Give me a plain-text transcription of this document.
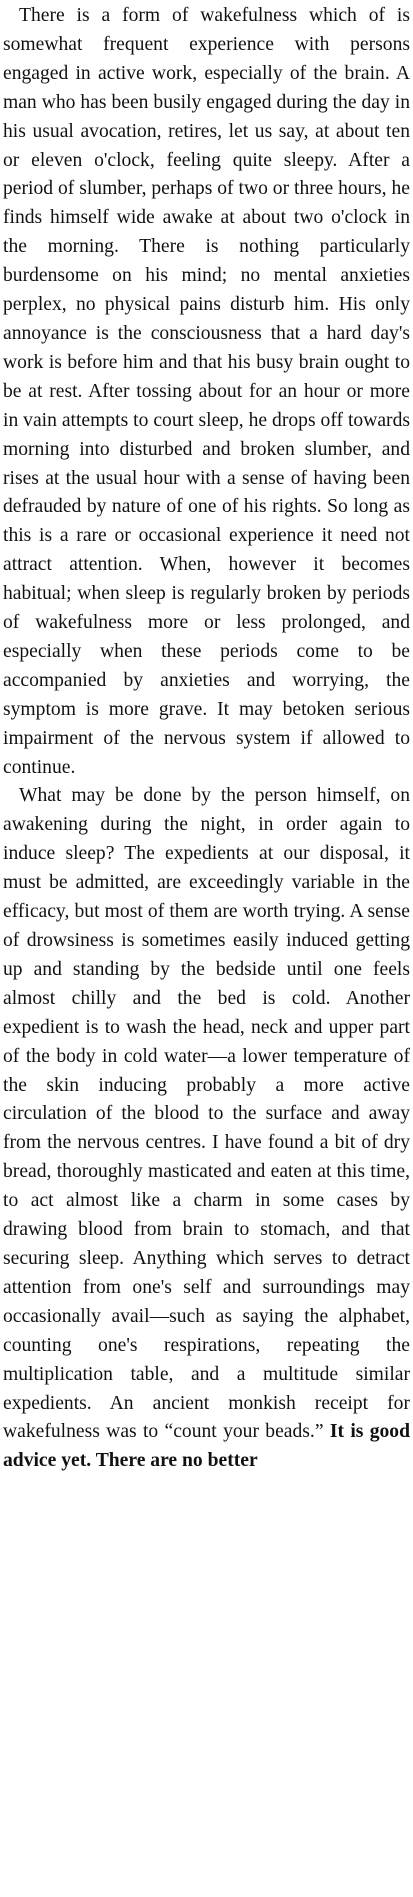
There is a form of wakefulness which of is somewhat frequent experience with persons engaged in active work, especially of the brain. A man who has been busily engaged during the day in his usual avocation, retires, let us say, at about ten or eleven o'clock, feeling quite sleepy. After a period of slumber, perhaps of two or three hours, he finds himself wide awake at about two o'clock in the morning. There is nothing particularly burdensome on his mind; no mental anxieties perplex, no physical pains disturb him. His only annoyance is the consciousness that a hard day's work is before him and that his busy brain ought to be at rest. After tossing about for an hour or more in vain attempts to court sleep, he drops off towards morning into disturbed and broken slumber, and rises at the usual hour with a sense of having been defrauded by nature of one of his rights. So long as this is a rare or occasional experience it need not attract attention. When, however it becomes habitual; when sleep is regularly broken by periods of wakefulness more or less prolonged, and especially when these periods come to be accompanied by anxieties and worrying, the symptom is more grave. It may betoken serious impairment of the nervous system if allowed to continue.

What may be done by the person himself, on awakening during the night, in order again to induce sleep? The expedients at our disposal, it must be admitted, are exceedingly variable in the efficacy, but most of them are worth trying. A sense of drowsiness is sometimes easily induced getting up and standing by the bedside until one feels almost chilly and the bed is cold. Another expedient is to wash the head, neck and upper part of the body in cold water—a lower temperature of the skin inducing probably a more active circulation of the blood to the surface and away from the nervous centres. I have found a bit of dry bread, thoroughly masticated and eaten at this time, to act almost like a charm in some cases by drawing blood from brain to stomach, and that securing sleep. Anything which serves to detract attention from one's self and surroundings may occasionally avail—such as saying the alphabet, counting one's respirations, repeating the multiplication table, and a multitude similar expedients. An ancient monkish receipt for wakefulness was to “count your beads.” It is good advice yet. There are no better
